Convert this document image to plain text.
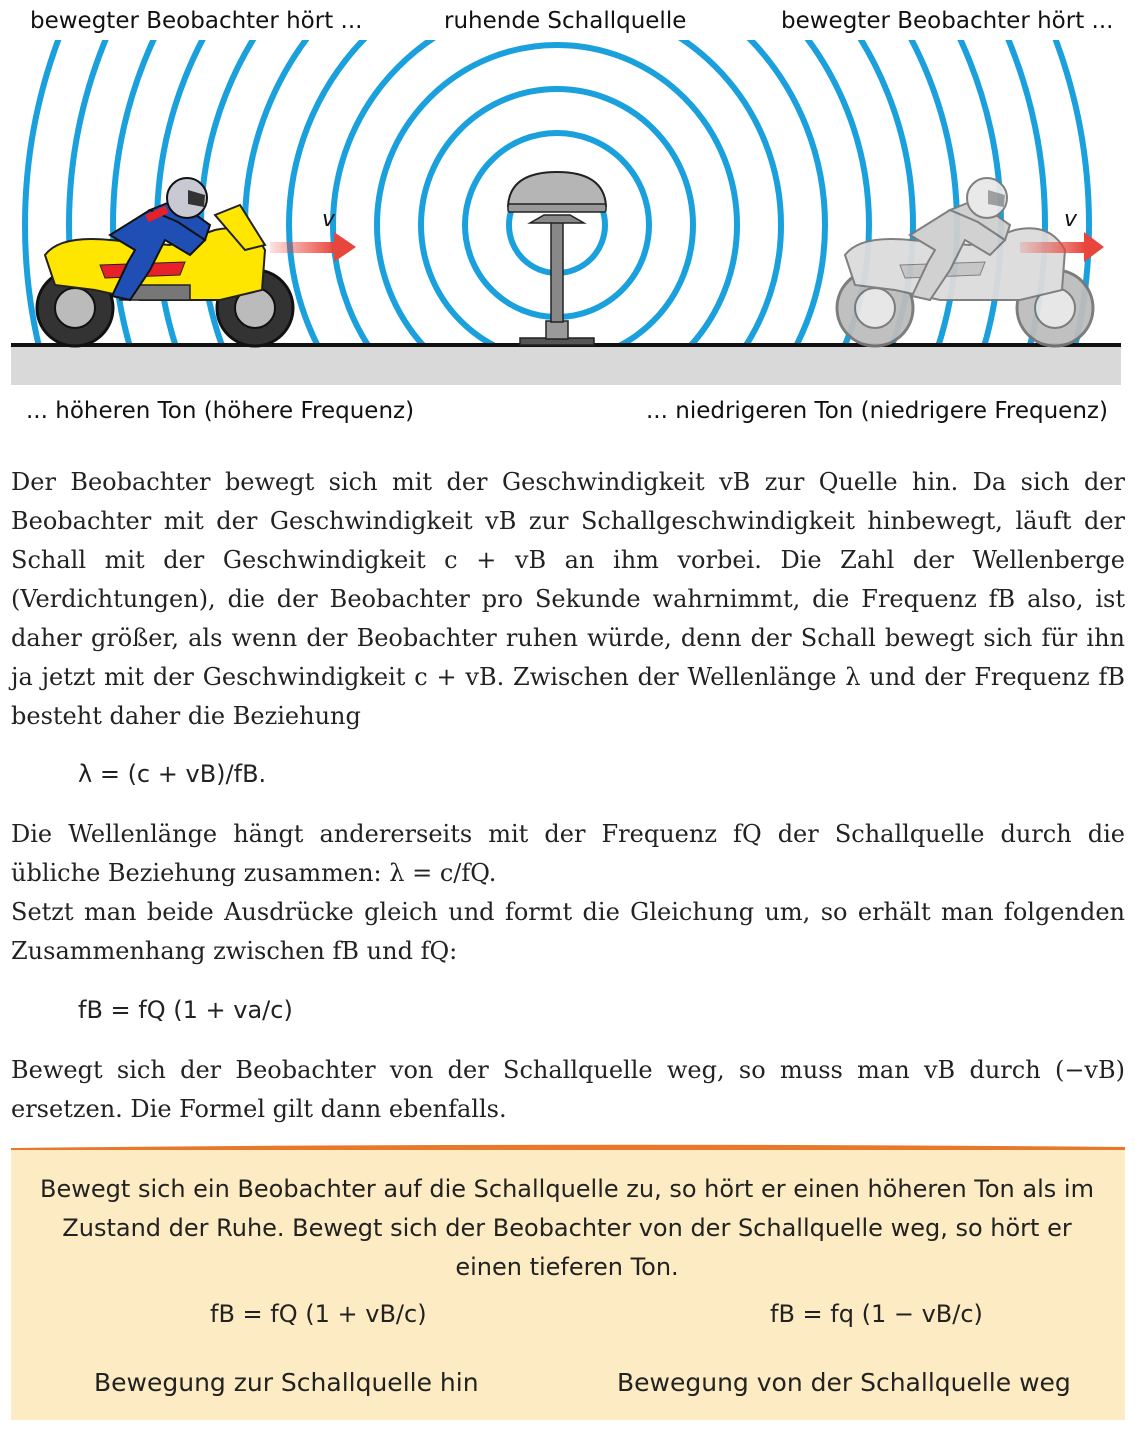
v	v
bewegter Beobachter hört ...	ruhende Schallquelle	bewegter Beobachter hört ...
... höheren Ton (höhere Frequenz)	... niedrigeren Ton (niedrigere Frequenz)

Der Beobachter bewegt sich mit der Geschwindigkeit vB zur Quelle hin. Da sich der Beobachter mit der Geschwindigkeit vB zur Schallgeschwindigkeit hinbewegt, läuft der Schall mit der Geschwindigkeit c + vB an ihm vorbei. Die Zahl der Wellenberge (Verdichtungen), die der Beobachter pro Sekunde wahrnimmt, die Frequenz fB also, ist daher größer, als wenn der Beobachter ruhen würde, denn der Schall bewegt sich für ihn ja jetzt mit der Geschwindigkeit c + vB. Zwischen der Wellenlänge λ und der Frequenz fB besteht daher die Beziehung

λ = (c + vB)/fB.

Die Wellenlänge hängt andererseits mit der Frequenz fQ der Schallquelle durch die übliche Beziehung zusammen: λ = c/fQ.

Setzt man beide Ausdrücke gleich und formt die Gleichung um, so erhält man folgenden Zusammenhang zwischen fB und fQ:

fB = fQ (1 + va/c)

Bewegt sich der Beobachter von der Schallquelle weg, so muss man vB durch (−vB) ersetzen. Die Formel gilt dann ebenfalls.

Bewegt sich ein Beobachter auf die Schallquelle zu, so hört er einen höheren Ton als im Zustand der Ruhe. Bewegt sich der Beobachter von der Schallquelle weg, so hört er einen tieferen Ton.
fB = fQ (1 + vB/c)	fB = fq (1 − vB/c)
Bewegung zur Schallquelle hin	Bewegung von der Schallquelle weg
